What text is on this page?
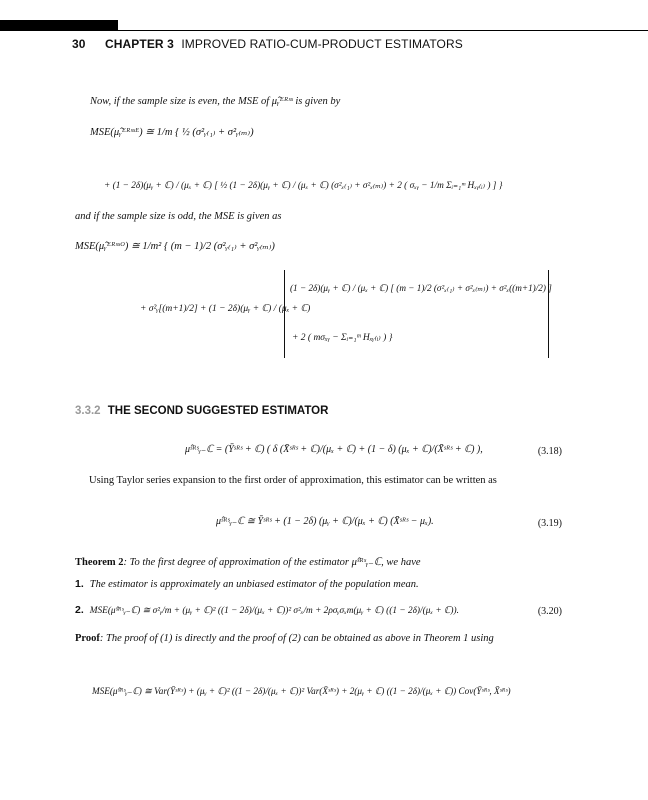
30 CHAPTER 3 IMPROVED RATIO-CUM-PRODUCT ESTIMATORS
Now, if the sample size is even, the MSE of μ̂ᵧᴱᴿˢˢ is given by
MSE(μ̂ᵧᴱᴿˢˢᴱ) ≅ 1/m { ½ (σ²ᵧ₍₁₎ + σ²ᵧ₍ₘ₎)
+ (1 − 2δ)(μᵧ + ℂ) / (μₓ + ℂ) [ ½ (1 − 2δ)(μᵧ + ℂ) / (μₓ + ℂ) (σ²ₓ₍₁₎ + σ²ₓ₍ₘ₎) + 2 ( σₓᵧ − 1/m Σᵢ₌₁ᵐ Hₓᵧ₍ᵢ₎ ) ] }
and if the sample size is odd, the MSE is given as
MSE(μ̂ᵧᴱᴿˢˢᴼ) ≅ 1/m² { (m − 1)/2 (σ²ᵧ₍₁₎ + σ²ᵧ₍ₘ₎)
(1 − 2δ)(μᵧ + ℂ) / (μₓ + ℂ) [ (m − 1)/2 (σ²ₓ₍₁₎ + σ²ₓ₍ₘ₎) + σ²ₓ((m+1)/2) ]
+ σ²ᵧ[(m+1)/2] + (1 − 2δ)(μᵧ + ℂ) / (μₓ + ℂ)
+ 2 ( mσₓᵧ − Σᵢ₌₁ᵐ Hₓᵧ₍ᵢ₎ ) }
3.3.2 THE SECOND SUGGESTED ESTIMATOR
μ̂ˢᴿˢᵧ₋ℂ = (Ȳˢᴿˢ + ℂ) ( δ (X̄ˢᴿˢ + ℂ)/(μₓ + ℂ) + (1 − δ) (μₓ + ℂ)/(X̄ˢᴿˢ + ℂ) ),	(3.18)
Using Taylor series expansion to the first order of approximation, this estimator can be written as
μ̂ˢᴿˢᵧ₋ℂ ≅ Ȳˢᴿˢ + (1 − 2δ) (μᵧ + ℂ)/(μₓ + ℂ) (X̄ˢᴿˢ − μₓ).	(3.19)
Theorem 2: To the first degree of approximation of the estimator μ̂ˢᴿˢᵧ₋ℂ, we have
1. The estimator is approximately an unbiased estimator of the population mean.
2. MSE(μ̂ˢᴿˢᵧ₋ℂ) ≅ σ²ᵧ/m + (μᵧ + ℂ)² ((1 − 2δ)/(μₓ + ℂ))² σ²ₓ/m + 2ρσᵧσₓm(μᵧ + ℂ) ((1 − 2δ)/(μₓ + ℂ)).	(3.20)
Proof: The proof of (1) is directly and the proof of (2) can be obtained as above in Theorem 1 using
MSE(μ̂ˢᴿˢᵧ₋ℂ) ≅ Var(Ȳˢᴿˢ) + (μᵧ + ℂ)² ((1 − 2δ)/(μₓ + ℂ))² Var(X̄ˢᴿˢ) + 2(μᵧ + ℂ) ((1 − 2δ)/(μₓ + ℂ)) Cov(Ȳˢᴿˢ, X̄ˢᴿˢ)
